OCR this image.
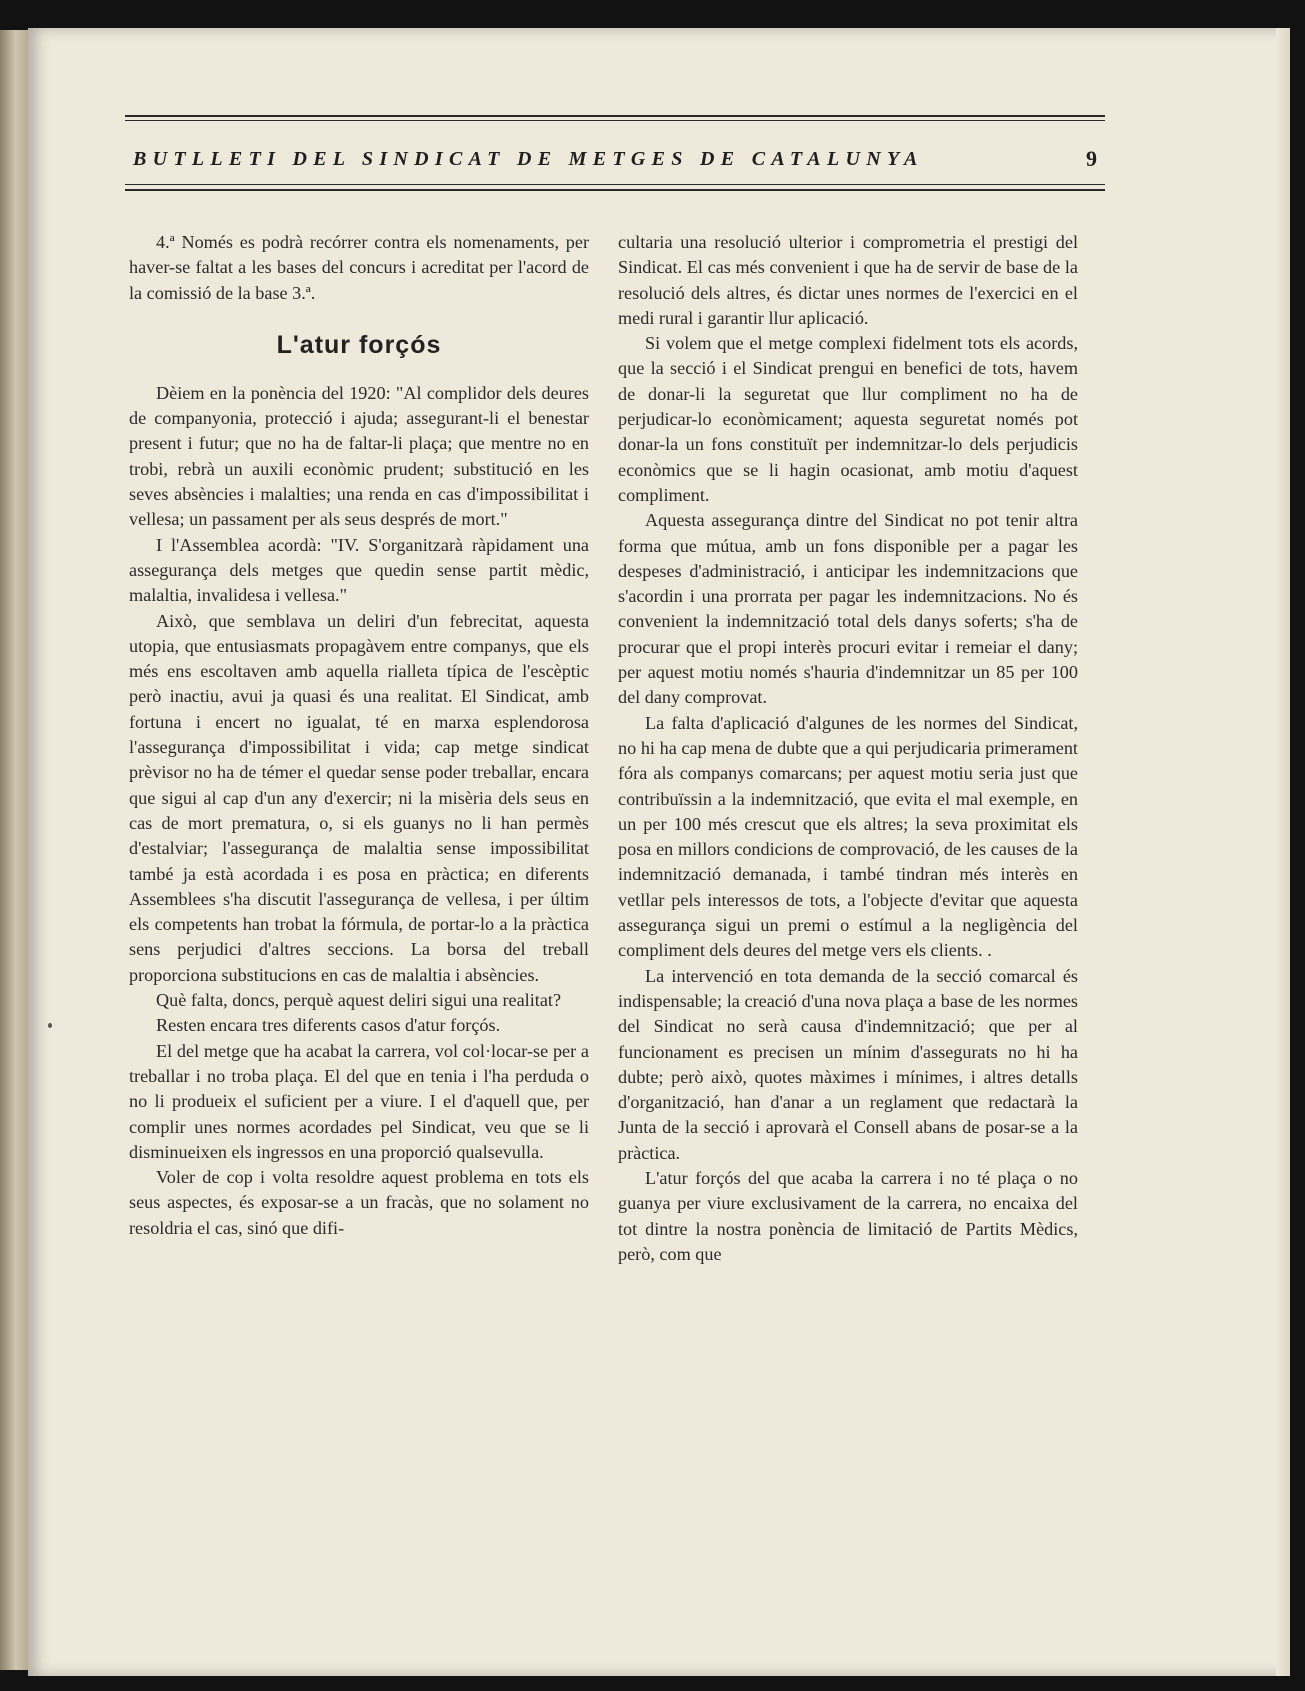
BUTLLETI DEL SINDICAT DE METGES DE CATALUNYA	9

4.ª Només es podrà recórrer contra els nomenaments, per haver-se faltat a les bases del concurs i acreditat per l'acord de la comissió de la base 3.ª.

L'atur forçós

Dèiem en la ponència del 1920: "Al complidor dels deures de companyonia, protecció i ajuda; assegurant-li el benestar present i futur; que no ha de faltar-li plaça; que mentre no en trobi, rebrà un auxili econòmic prudent; substitució en les seves absències i malalties; una renda en cas d'impossibilitat i vellesa; un passament per als seus després de mort."

I l'Assemblea acordà: "IV. S'organitzarà ràpidament una assegurança dels metges que quedin sense partit mèdic, malaltia, invalidesa i vellesa."

Això, que semblava un deliri d'un febrecitat, aquesta utopia, que entusiasmats propagàvem entre companys, que els més ens escoltaven amb aquella rialleta típica de l'escèptic però inactiu, avui ja quasi és una realitat. El Sindicat, amb fortuna i encert no igualat, té en marxa esplendorosa l'assegurança d'impossibilitat i vida; cap metge sindicat prèvisor no ha de témer el quedar sense poder treballar, encara que sigui al cap d'un any d'exercir; ni la misèria dels seus en cas de mort prematura, o, si els guanys no li han permès d'estalviar; l'assegurança de malaltia sense impossibilitat també ja està acordada i es posa en pràctica; en diferents Assemblees s'ha discutit l'assegurança de vellesa, i per últim els competents han trobat la fórmula, de portar-lo a la pràctica sens perjudici d'altres seccions. La borsa del treball proporciona substitucions en cas de malaltia i absències.

Què falta, doncs, perquè aquest deliri sigui una realitat?

Resten encara tres diferents casos d'atur forçós.

El del metge que ha acabat la carrera, vol col·locar-se per a treballar i no troba plaça. El del que en tenia i l'ha perduda o no li produeix el suficient per a viure. I el d'aquell que, per complir unes normes acordades pel Sindicat, veu que se li disminueixen els ingressos en una proporció qualsevulla.

Voler de cop i volta resoldre aquest problema en tots els seus aspectes, és exposar-se a un fracàs, que no solament no resoldria el cas, sinó que difi-

cultaria una resolució ulterior i comprometria el prestigi del Sindicat. El cas més convenient i que ha de servir de base de la resolució dels altres, és dictar unes normes de l'exercici en el medi rural i garantir llur aplicació.

Si volem que el metge complexi fidelment tots els acords, que la secció i el Sindicat prengui en benefici de tots, havem de donar-li la seguretat que llur compliment no ha de perjudicar-lo econòmicament; aquesta seguretat només pot donar-la un fons constituït per indemnitzar-lo dels perjudicis econòmics que se li hagin ocasionat, amb motiu d'aquest compliment.

Aquesta assegurança dintre del Sindicat no pot tenir altra forma que mútua, amb un fons disponible per a pagar les despeses d'administració, i anticipar les indemnitzacions que s'acordin i una prorrata per pagar les indemnitzacions. No és convenient la indemnització total dels danys soferts; s'ha de procurar que el propi interès procuri evitar i remeiar el dany; per aquest motiu només s'hauria d'indemnitzar un 85 per 100 del dany comprovat.

La falta d'aplicació d'algunes de les normes del Sindicat, no hi ha cap mena de dubte que a qui perjudicaria primerament fóra als companys comarcans; per aquest motiu seria just que contribuïssin a la indemnització, que evita el mal exemple, en un per 100 més crescut que els altres; la seva proximitat els posa en millors condicions de comprovació, de les causes de la indemnització demanada, i també tindran més interès en vetllar pels interessos de tots, a l'objecte d'evitar que aquesta assegurança sigui un premi o estímul a la negligència del compliment dels deures del metge vers els clients. .

La intervenció en tota demanda de la secció comarcal és indispensable; la creació d'una nova plaça a base de les normes del Sindicat no serà causa d'indemnització; que per al funcionament es precisen un mínim d'assegurats no hi ha dubte; però això, quotes màximes i mínimes, i altres detalls d'organització, han d'anar a un reglament que redactarà la Junta de la secció i aprovarà el Consell abans de posar-se a la pràctica.

L'atur forçós del que acaba la carrera i no té plaça o no guanya per viure exclusivament de la carrera, no encaixa del tot dintre la nostra ponència de limitació de Partits Mèdics, però, com que
